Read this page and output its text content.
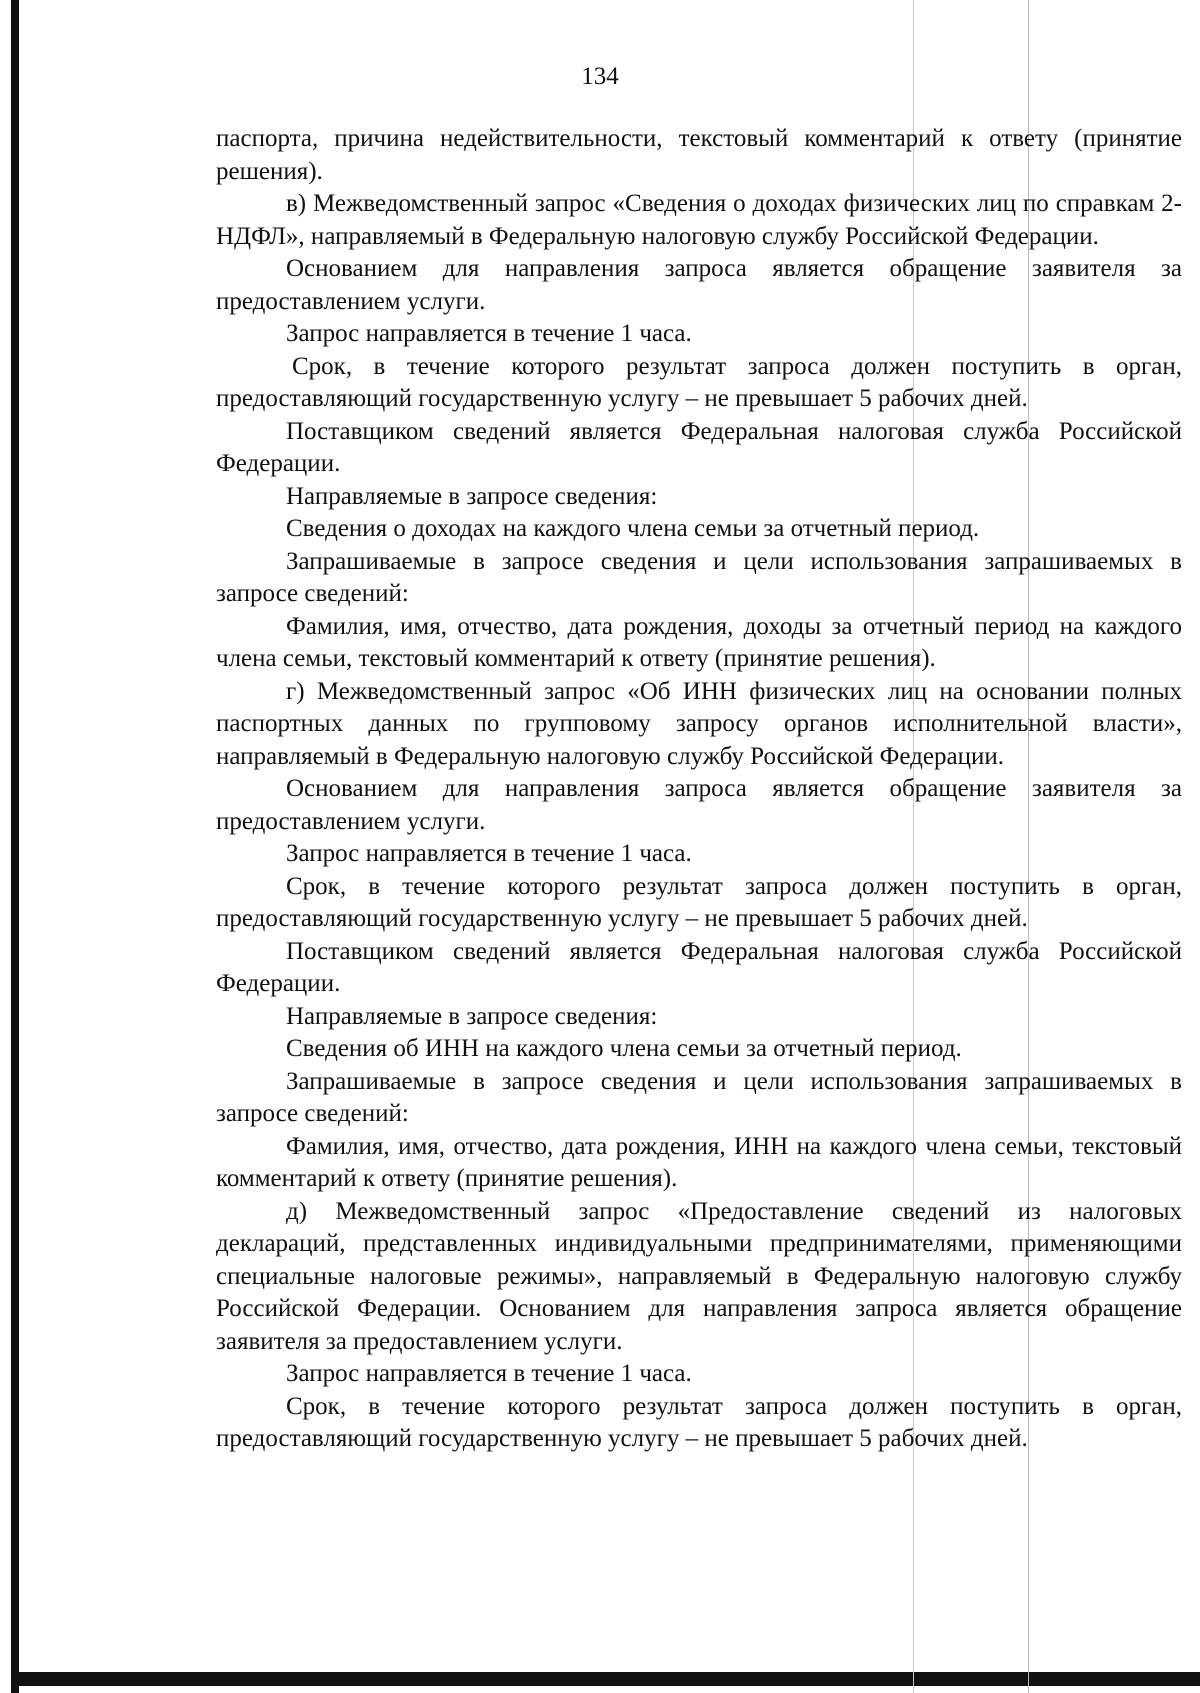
134

паспорта, причина недействительности, текстовый комментарий к ответу (принятие решения).

в) Межведомственный запрос «Сведения о доходах физических лиц по справкам 2-НДФЛ», направляемый в Федеральную налоговую службу Российской Федерации.

Основанием для направления запроса является обращение заявителя за предоставлением услуги.

Запрос направляется в течение 1 часа.

Срок, в течение которого результат запроса должен поступить в орган, предоставляющий государственную услугу – не превышает 5 рабочих дней.

Поставщиком сведений является Федеральная налоговая служба Российской Федерации.

Направляемые в запросе сведения:

Сведения о доходах на каждого члена семьи за отчетный период.

Запрашиваемые в запросе сведения и цели использования запрашиваемых в запросе сведений:

Фамилия, имя, отчество, дата рождения, доходы за отчетный период на каждого члена семьи, текстовый комментарий к ответу (принятие решения).

г) Межведомственный запрос «Об ИНН физических лиц на основании полных паспортных данных по групповому запросу органов исполнительной власти», направляемый в Федеральную налоговую службу Российской Федерации.

Основанием для направления запроса является обращение заявителя за предоставлением услуги.

Запрос направляется в течение 1 часа.

Срок, в течение которого результат запроса должен поступить в орган, предоставляющий государственную услугу – не превышает 5 рабочих дней.

Поставщиком сведений является Федеральная налоговая служба Российской Федерации.

Направляемые в запросе сведения:

Сведения об ИНН на каждого члена семьи за отчетный период.

Запрашиваемые в запросе сведения и цели использования запрашиваемых в запросе сведений:

Фамилия, имя, отчество, дата рождения, ИНН на каждого члена семьи, текстовый комментарий к ответу (принятие решения).

д) Межведомственный запрос «Предоставление сведений из налоговых деклараций, представленных индивидуальными предпринимателями, применяющими специальные налоговые режимы», направляемый в Федеральную налоговую службу Российской Федерации. Основанием для направления запроса является обращение заявителя за предоставлением услуги.

Запрос направляется в течение 1 часа.

Срок, в течение которого результат запроса должен поступить в орган, предоставляющий государственную услугу – не превышает 5 рабочих дней.
